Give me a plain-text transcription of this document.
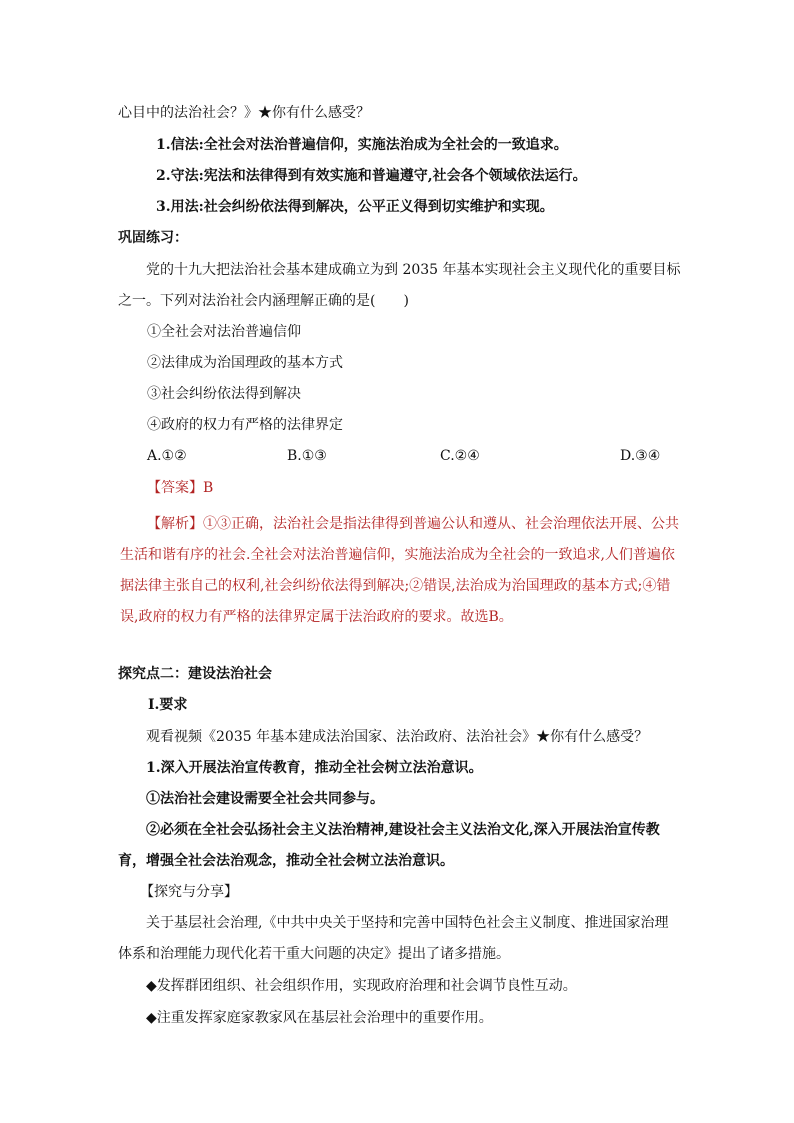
心目中的法治社会？》★你有什么感受？
1.信法:全社会对法治普遍信仰，实施法治成为全社会的一致追求。
2.守法:宪法和法律得到有效实施和普遍遵守,社会各个领域依法运行。
3.用法:社会纠纷依法得到解决，公平正义得到切实维护和实现。
巩固练习：
党的十九大把法治社会基本建成确立为到 2035 年基本实现社会主义现代化的重要目标
之一。下列对法治社会内涵理解正确的是(　　)
①全社会对法治普遍信仰
②法律成为治国理政的基本方式
③社会纠纷依法得到解决
④政府的权力有严格的法律界定
A.①②	B.①③	C.②④	D.③④
【答案】B

【解析】①③正确，法治社会是指法律得到普遍公认和遵从、社会治理依法开展、公共

生活和谐有序的社会.全社会对法治普遍信仰，实施法治成为全社会的一致追求,人们普遍依

据法律主张自己的权利,社会纠纷依法得到解决;②错误,法治成为治国理政的基本方式;④错

误,政府的权力有严格的法律界定属于法治政府的要求。故选B。

探究点二：建设法治社会
Ⅰ.要求
观看视频《2035 年基本建成法治国家、法治政府、法治社会》★你有什么感受？
1.深入开展法治宣传教育，推动全社会树立法治意识。
①法治社会建设需要全社会共同参与。
②必须在全社会弘扬社会主义法治精神,建设社会主义法治文化,深入开展法治宣传教
育，增强全社会法治观念，推动全社会树立法治意识。
【探究与分享】
关于基层社会治理,《中共中央关于坚持和完善中国特色社会主义制度、推进国家治理
体系和治理能力现代化若干重大问题的决定》提出了诸多措施。
◆发挥群团组织、社会组织作用，实现政府治理和社会调节良性互动。
◆注重发挥家庭家教家风在基层社会治理中的重要作用。
